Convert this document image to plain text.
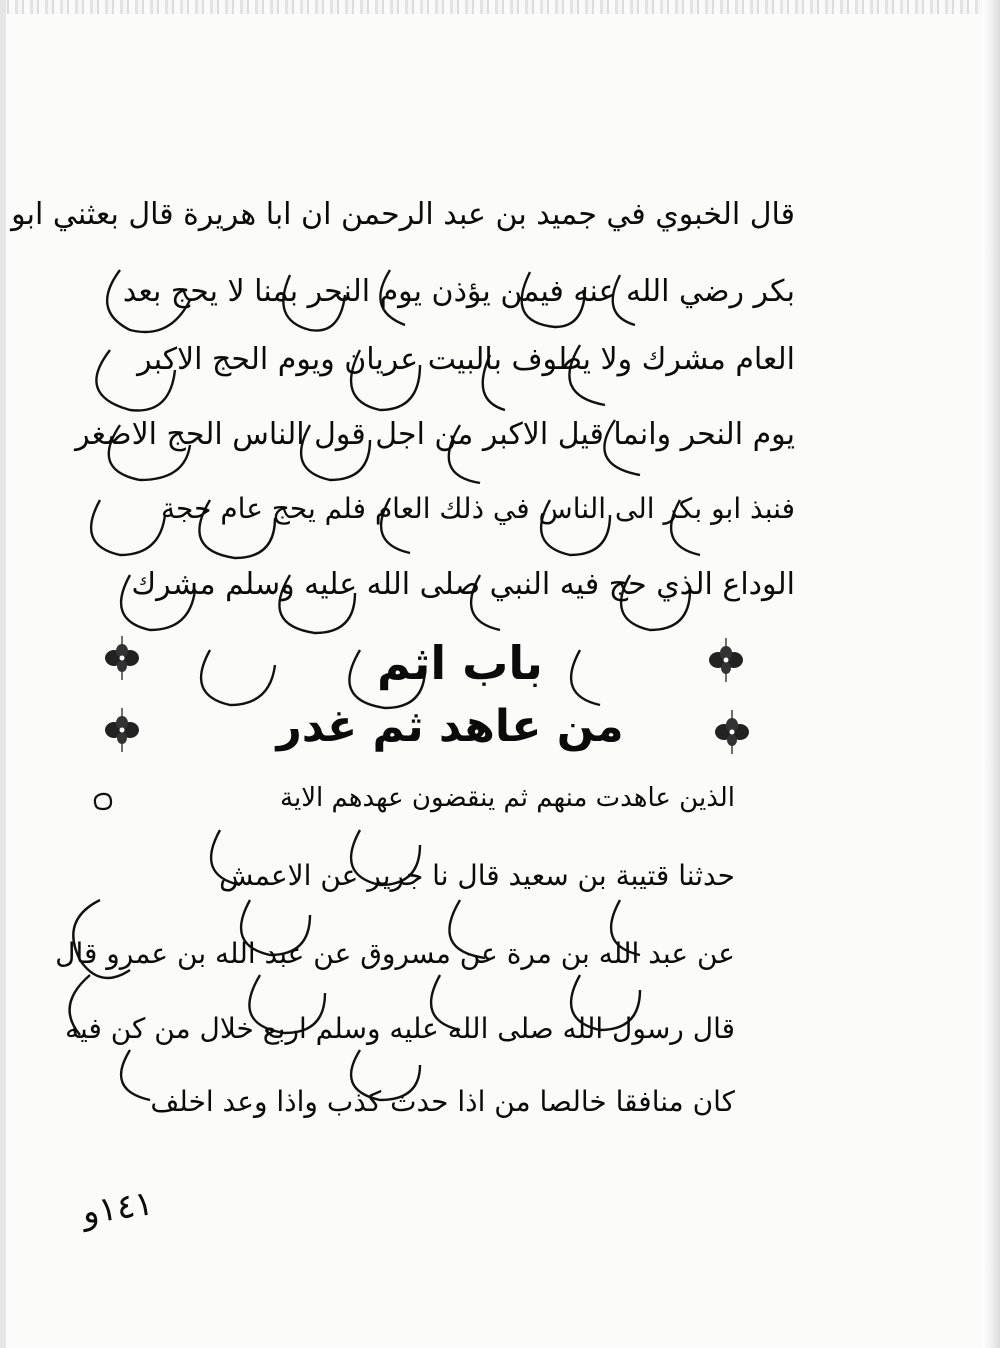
قال الخبوي في جميد بن عبد الرحمن ان ابا هريرة قال بعثني ابو
بكر رضي الله عنه فيمن يؤذن يوم النحر بمنا لا يحج بعد
العام مشرك ولا يطوف بالبيت عريان ويوم الحج الاكبر
يوم النحر وانما قيل الاكبر من اجل قول الناس الحج الاصغر
فنبذ ابو بكر الى الناس في ذلك العام فلم يحج عام حجة
الوداع الذي حج فيه النبي صلى الله عليه وسلم مشرك
باب اثم
من عاهد ثم غدر
الذين عاهدت منهم ثم ينقضون عهدهم الاية
حدثنا قتيبة بن سعيد قال نا جرير عن الاعمش
عن عبد الله بن مرة عن مسروق عن عبد الله بن عمرو قال
قال رسول الله صلى الله عليه وسلم اربع خلال من كن فيه
كان منافقا خالصا من اذا حدث كذب واذا وعد اخلف
١٤١و
